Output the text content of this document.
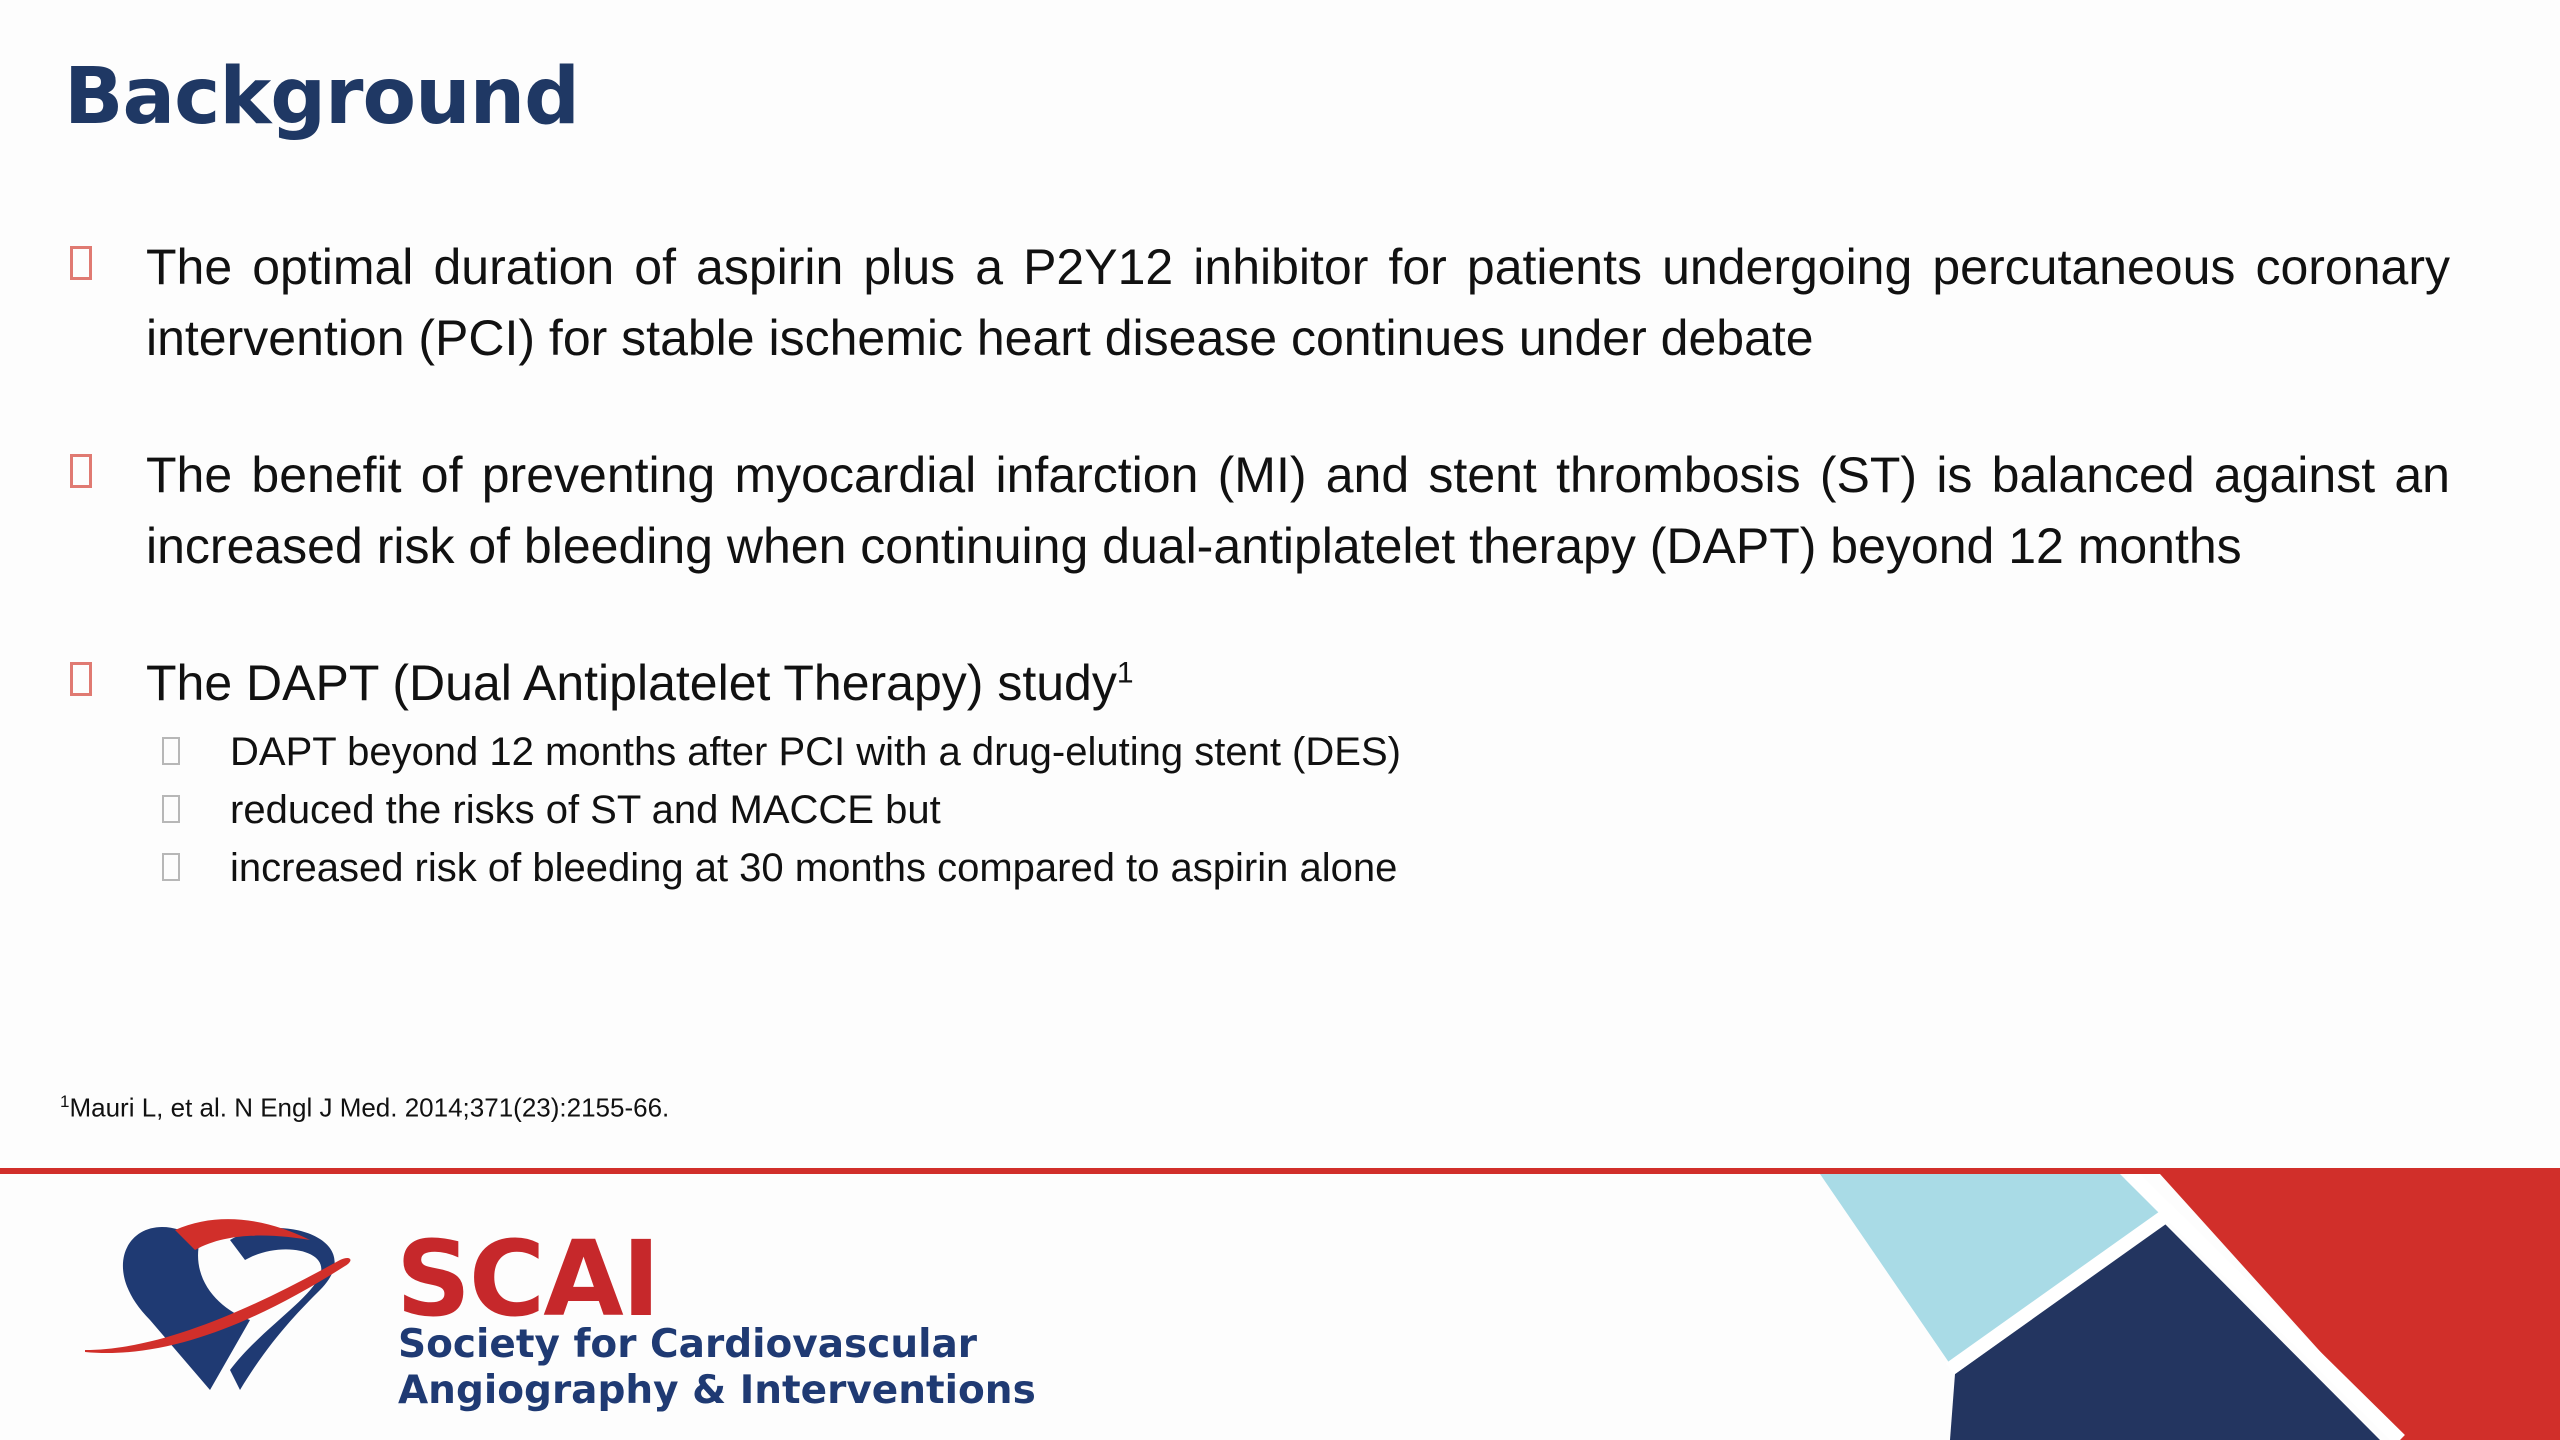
Background
The optimal duration of aspirin plus a P2Y12 inhibitor for patients undergoing percutaneous coronary intervention (PCI) for stable ischemic heart disease continues under debate
The benefit of preventing myocardial infarction (MI) and stent thrombosis (ST) is balanced against an increased risk of bleeding when continuing dual-antiplatelet therapy (DAPT) beyond 12 months
The DAPT (Dual Antiplatelet Therapy) study$^1$
DAPT beyond 12 months after PCI with a drug-eluting stent (DES)
reduced the risks of ST and MACCE but
increased risk of bleeding at 30 months compared to aspirin alone
$^1$Mauri L, et al. N Engl J Med. 2014;371(23):2155-66.
SCAI
Society for Cardiovascular
Angiography & Interventions
